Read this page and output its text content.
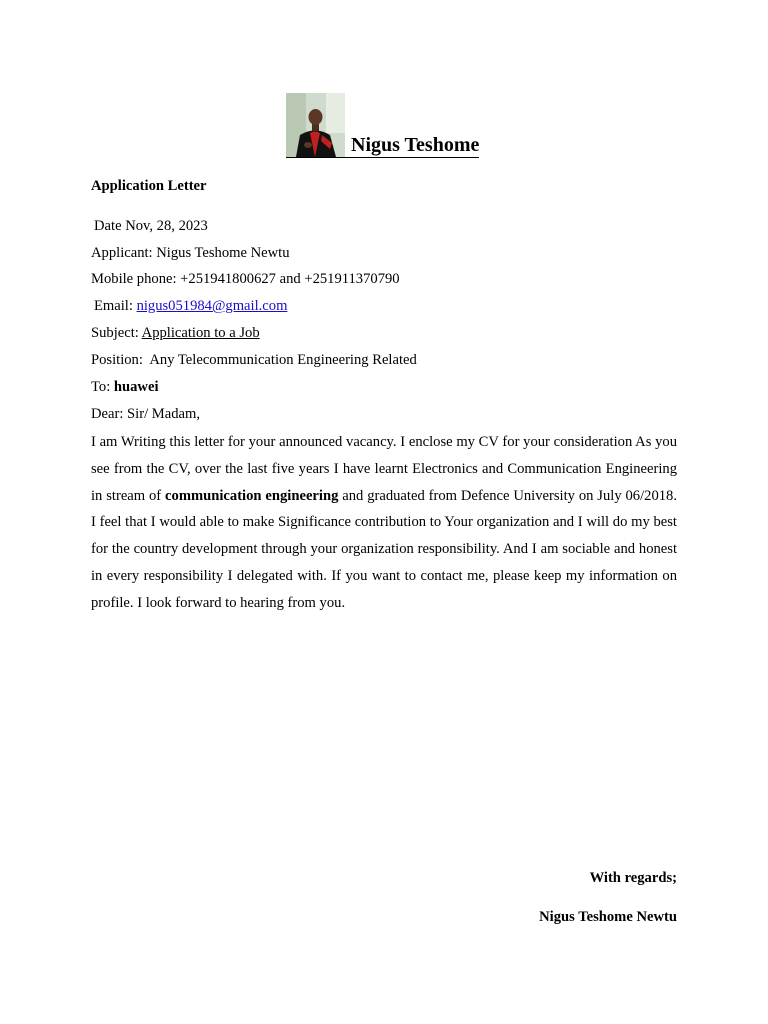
Nigus Teshome
Application Letter
Date Nov, 28, 2023
Applicant: Nigus Teshome Newtu
Mobile phone: +251941800627 and +251911370790
Email: nigus051984@gmail.com
Subject: Application to a Job
Position:  Any Telecommunication Engineering Related
To: huawei
Dear: Sir/ Madam,
I am Writing this letter for your announced vacancy. I enclose my CV for your consideration As you see from the CV, over the last five years I have learnt Electronics and Communication Engineering in stream of communication engineering and graduated from Defence University on July 06/2018. I feel that I would able to make Significance contribution to Your organization and I will do my best for the country development through your organization responsibility. And I am sociable and honest in every responsibility I delegated with. If you want to contact me, please keep my information on profile. I look forward to hearing from you.
With regards;
Nigus Teshome Newtu
